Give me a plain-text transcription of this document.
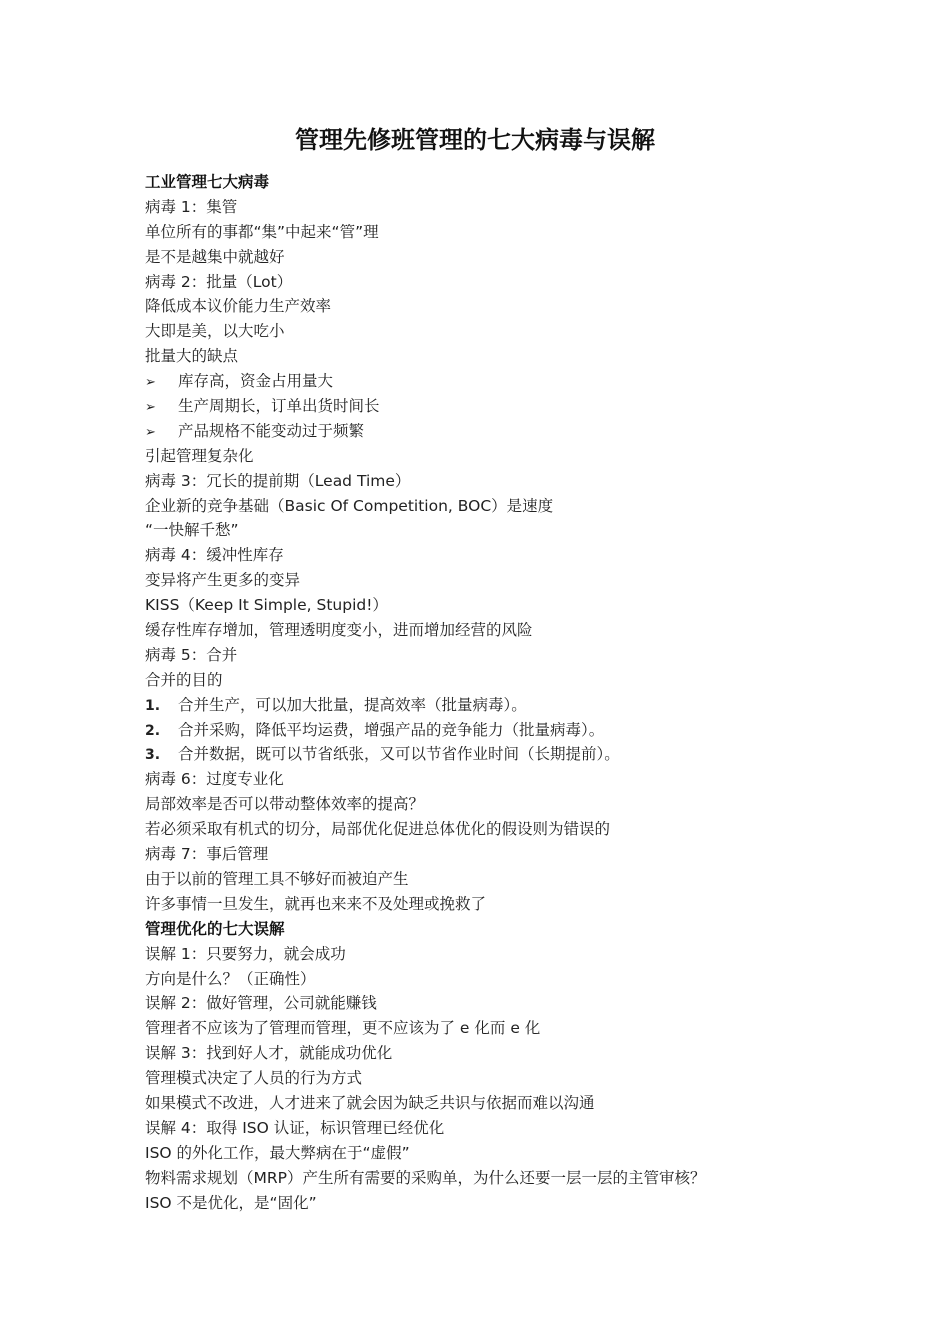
管理先修班管理的七大病毒与误解
工业管理七大病毒
病毒 1：集管
单位所有的事都“集”中起来“管”理
是不是越集中就越好
病毒 2：批量（Lot）
降低成本议价能力生产效率
大即是美，以大吃小
批量大的缺点
➢ 库存高，资金占用量大
➢ 生产周期长，订单出货时间长
➢ 产品规格不能变动过于频繁
引起管理复杂化
病毒 3：冗长的提前期（Lead Time）
企业新的竞争基础（Basic Of Competition, BOC）是速度
“一快解千愁”
病毒 4：缓冲性库存
变异将产生更多的变异
KISS（Keep It Simple, Stupid!）
缓存性库存增加，管理透明度变小，进而增加经营的风险
病毒 5：合并
合并的目的
1. 合并生产，可以加大批量，提高效率（批量病毒）。
2. 合并采购，降低平均运费，增强产品的竞争能力（批量病毒）。
3. 合并数据，既可以节省纸张，又可以节省作业时间（长期提前）。
病毒 6：过度专业化
局部效率是否可以带动整体效率的提高？
若必须采取有机式的切分，局部优化促进总体优化的假设则为错误的
病毒 7：事后管理
由于以前的管理工具不够好而被迫产生
许多事情一旦发生，就再也来来不及处理或挽救了
管理优化的七大误解
误解 1：只要努力，就会成功
方向是什么？（正确性）
误解 2：做好管理，公司就能赚钱
管理者不应该为了管理而管理，更不应该为了 e 化而 e 化
误解 3：找到好人才，就能成功优化
管理模式决定了人员的行为方式
如果模式不改进，人才进来了就会因为缺乏共识与依据而难以沟通
误解 4：取得 ISO 认证，标识管理已经优化
ISO 的外化工作，最大弊病在于“虚假”
物料需求规划（MRP）产生所有需要的采购单，为什么还要一层一层的主管审核？
ISO 不是优化，是“固化”
